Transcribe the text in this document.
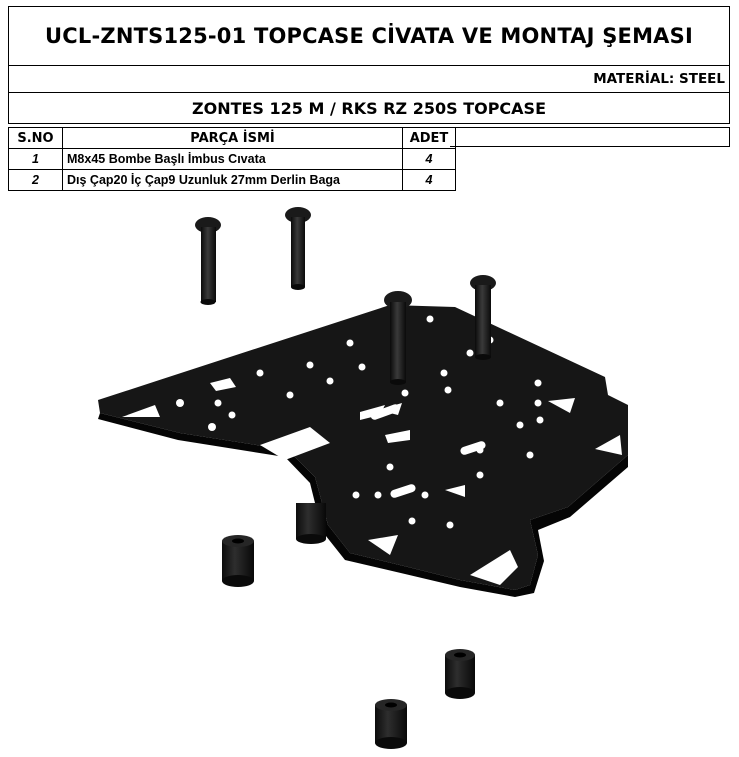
UCL-ZNTS125-01 TOPCASE CİVATA VE MONTAJ ŞEMASI
MATERİAL: STEEL
ZONTES 125 M / RKS RZ 250S TOPCASE
S.NO	PARÇA İSMİ	ADET
1	M8x45 Bombe Başlı İmbus Cıvata	4
2	Dış Çap20 İç Çap9 Uzunluk 27mm Derlin Baga	4
